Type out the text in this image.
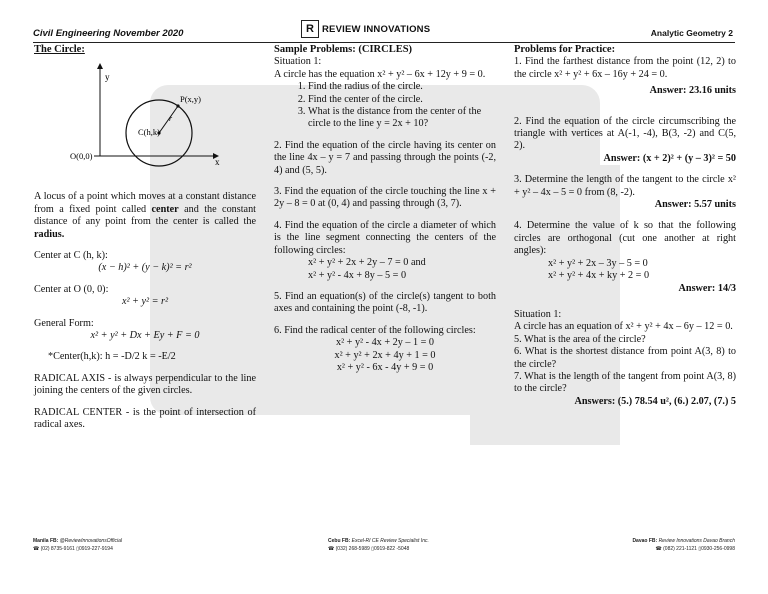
Civil Engineering November 2020	R REVIEW INNOVATIONS	Analytic Geometry 2
The Circle:
y
x
O(0,0)
P(x,y)
C(h,k)
r
A locus of a point which moves at a constant distance from a fixed point called center and the constant distance of any point from the center is called the radius.
Center at C (h, k):
(x − h)² + (y − k)² = r²
Center at O (0, 0):
x² + y² = r²
General Form:
x² + y² + Dx + Ey + F = 0
*Center(h,k): h = -D/2 k = -E/2
RADICAL AXIS - is always perpendicular to the line joining the centers of the given circles.
RADICAL CENTER - is the point of intersection of radical axes.
Sample Problems: (CIRCLES)
Situation 1:
A circle has the equation x² + y² – 6x + 12y + 9 = 0.
1. Find the radius of the circle.
2. Find the center of the circle.
3. What is the distance from the center of the circle to the line y = 2x + 10?
2. Find the equation of the circle having its center on the line 4x – y = 7 and passing through the points (-2, 4) and (5, 5).
3. Find the equation of the circle touching the line x + 2y – 8 = 0 at (0, 4) and passing through (3, 7).
4. Find the equation of the circle a diameter of which is the line segment connecting the centers of the following circles:
x² + y² + 2x + 2y – 7 = 0 and
x² + y² - 4x + 8y – 5 = 0
5. Find an equation(s) of the circle(s) tangent to both axes and containing the point (-8, -1).
6. Find the radical center of the following circles:
x² + y² - 4x + 2y – 1 = 0
x² + y² + 2x + 4y + 1 = 0
x² + y² - 6x - 4y + 9 = 0
Problems for Practice:
1. Find the farthest distance from the point (12, 2) to the circle x² + y² + 6x – 16y + 24 = 0.
Answer: 23.16 units
2. Find the equation of the circle circumscribing the triangle with vertices at A(-1, -4), B(3, -2) and C(5, 2).
Answer: (x + 2)² + (y – 3)² = 50
3. Determine the length of the tangent to the circle x² + y² – 4x – 5 = 0 from (8, -2).
Answer: 5.57 units
4. Determine the value of k so that the following circles are orthogonal (cut one another at right angles):
x² + y² + 2x – 3y – 5 = 0
x² + y² + 4x + ky + 2 = 0
Answer: 14/3
Situation 1:
A circle has an equation of x² + y² + 4x – 6y – 12 = 0.
5. What is the area of the circle?
6. What is the shortest distance from point A(3, 8) to the circle?
7. What is the length of the tangent from point A(3, 8) to the circle?
Answers: (5.) 78.54 u², (6.) 2.07, (7.) 5
Manila FB: @ReviewInnovationsOfficial
☎ (02) 8735-9161 ▯0919-227-9194
Cebu FB: Excel-RI CE Review Specialist Inc.
☎ (032) 268-5989 ▯0919-822 -5048
Davao FB: Review Innovations Davao Branch
☎ (082) 221-1121 ▯0930-256-0998
